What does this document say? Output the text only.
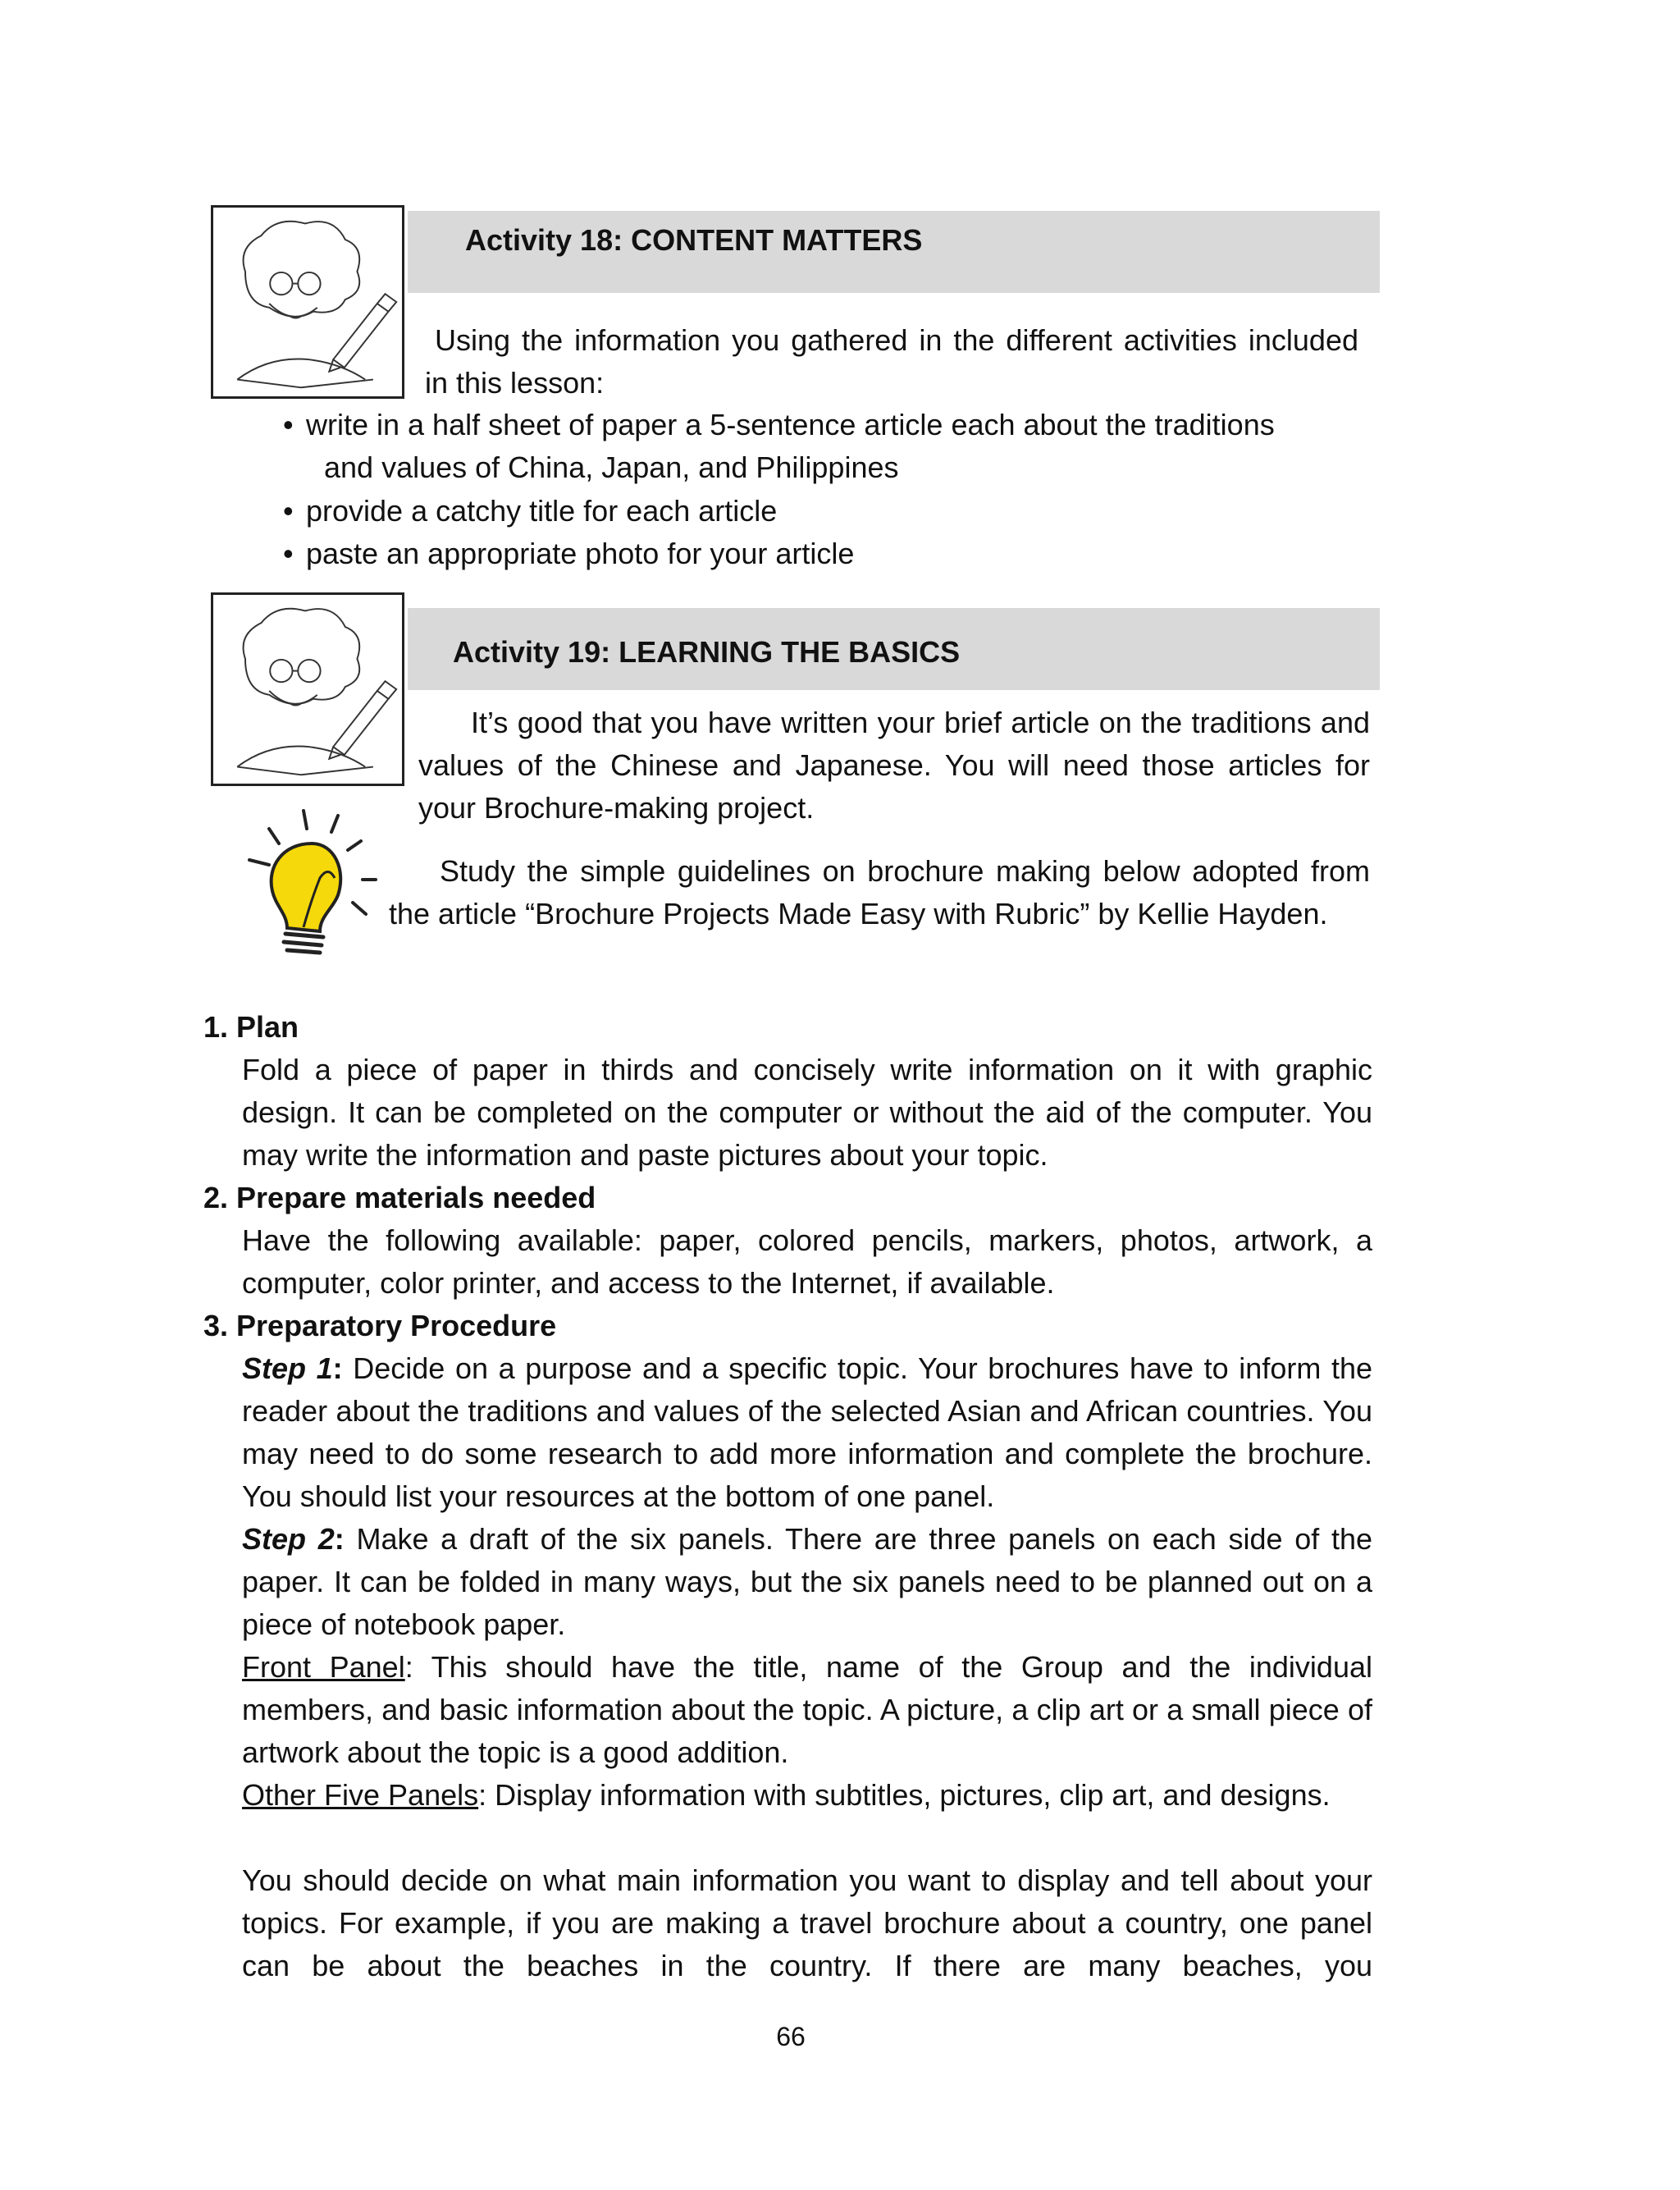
Activity 18: CONTENT MATTERS
Using the information you gathered in the different activities included in this lesson:
• write in a half sheet of paper a 5-sentence article each about the traditions
and values of China, Japan, and Philippines
• provide a catchy title for each article
• paste an appropriate photo for your article
Activity 19: LEARNING THE BASICS
It’s good that you have written your brief article on the traditions and values of the Chinese and Japanese. You will need those articles for your Brochure-making project.
Study the simple guidelines on brochure making below adopted from the article “Brochure Projects Made Easy with Rubric” by Kellie Hayden.
1. Plan
Fold a piece of paper in thirds and concisely write information on it with graphic design. It can be completed on the computer or without the aid of the computer. You may write the information and paste pictures about your topic.
2. Prepare materials needed
Have the following available: paper, colored pencils, markers, photos, artwork, a computer, color printer, and access to the Internet, if available.
3. Preparatory Procedure
Step 1: Decide on a purpose and a specific topic. Your brochures have to inform the reader about the traditions and values of the selected Asian and African countries. You may need to do some research to add more information and complete the brochure. You should list your resources at the bottom of one panel.
Step 2: Make a draft of the six panels. There are three panels on each side of the paper. It can be folded in many ways, but the six panels need to be planned out on a piece of notebook paper.
Front Panel: This should have the title, name of the Group and the individual members, and basic information about the topic. A picture, a clip art or a small piece of artwork about the topic is a good addition.
Other Five Panels: Display information with subtitles, pictures, clip art, and designs.
You should decide on what main information you want to display and tell about your topics. For example, if you are making a travel brochure about a country, one panel can be about the beaches in the country. If there are many beaches, you
66
